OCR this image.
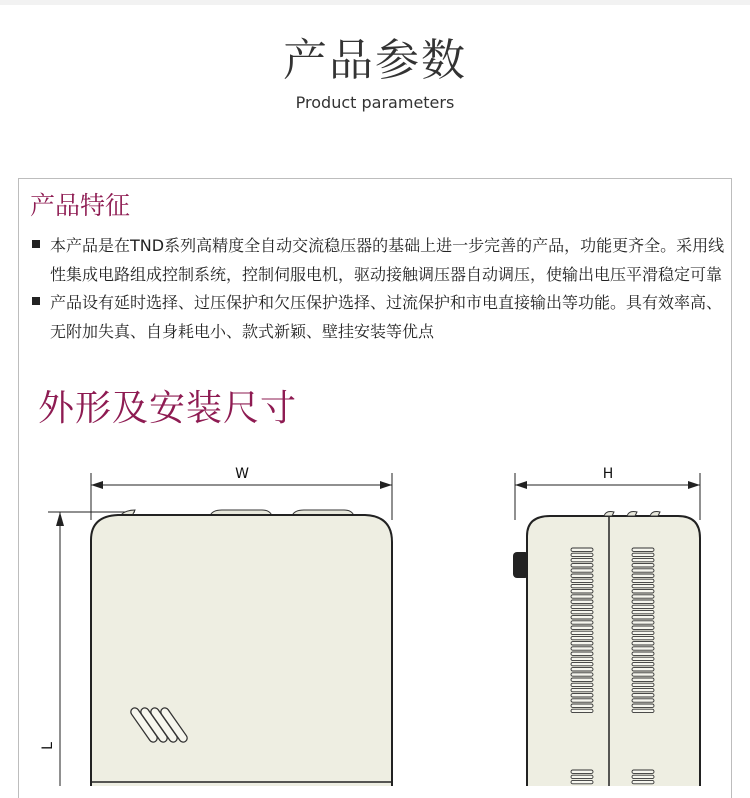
产品参数
Product parameters
产品特征
本产品是在TND系列高精度全自动交流稳压器的基础上进一步完善的产品，功能更齐全。采用线性集成电路组成控制系统，控制伺服电机，驱动接触调压器自动调压，使输出电压平滑稳定可靠
产品设有延时选择、过压保护和欠压保护选择、过流保护和市电直接输出等功能。具有效率高、无附加失真、自身耗电小、款式新颖、壁挂安装等优点
外形及安装尺寸
W
L
H
